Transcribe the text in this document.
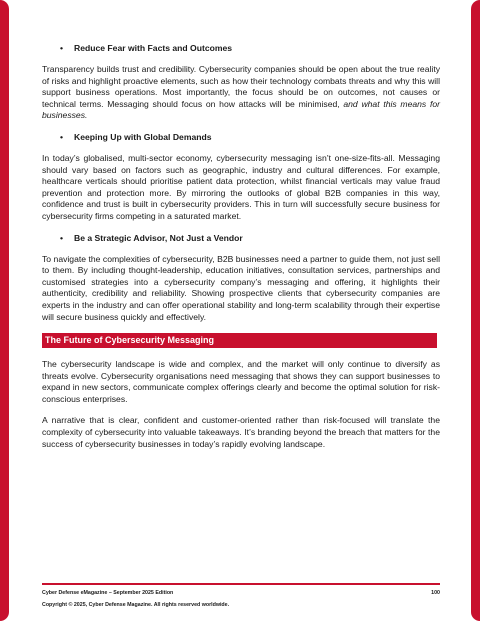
•	Reduce Fear with Facts and Outcomes

Transparency builds trust and credibility. Cybersecurity companies should be open about the true reality of risks and highlight proactive elements, such as how their technology combats threats and why this will support business operations. Most importantly, the focus should be on outcomes, not causes or technical terms. Messaging should focus on how attacks will be minimised, and what this means for businesses.

•	Keeping Up with Global Demands

In today’s globalised, multi-sector economy, cybersecurity messaging isn’t one-size-fits-all. Messaging should vary based on factors such as geographic, industry and cultural differences. For example, healthcare verticals should prioritise patient data protection, whilst financial verticals may value fraud prevention and protection more. By mirroring the outlooks of global B2B companies in this way, confidence and trust is built in cybersecurity providers. This in turn will successfully secure business for cybersecurity firms competing in a saturated market.

•	Be a Strategic Advisor, Not Just a Vendor

To navigate the complexities of cybersecurity, B2B businesses need a partner to guide them, not just sell to them. By including thought-leadership, education initiatives, consultation services, partnerships and customised strategies into a cybersecurity company’s messaging and offering, it highlights their authenticity, credibility and reliability. Showing prospective clients that cybersecurity companies are experts in the industry and can offer operational stability and long-term scalability through their expertise will secure business quickly and effectively.

The Future of Cybersecurity Messaging

The cybersecurity landscape is wide and complex, and the market will only continue to diversify as threats evolve. Cybersecurity organisations need messaging that shows they can support businesses to expand in new sectors, communicate complex offerings clearly and become the optimal solution for risk-conscious enterprises.

A narrative that is clear, confident and customer-oriented rather than risk-focused will translate the complexity of cybersecurity into valuable takeaways. It’s branding beyond the breach that matters for the success of cybersecurity businesses in today’s rapidly evolving landscape.

Cyber Defense eMagazine – September 2025 Edition	100
Copyright © 2025, Cyber Defense Magazine. All rights reserved worldwide.
